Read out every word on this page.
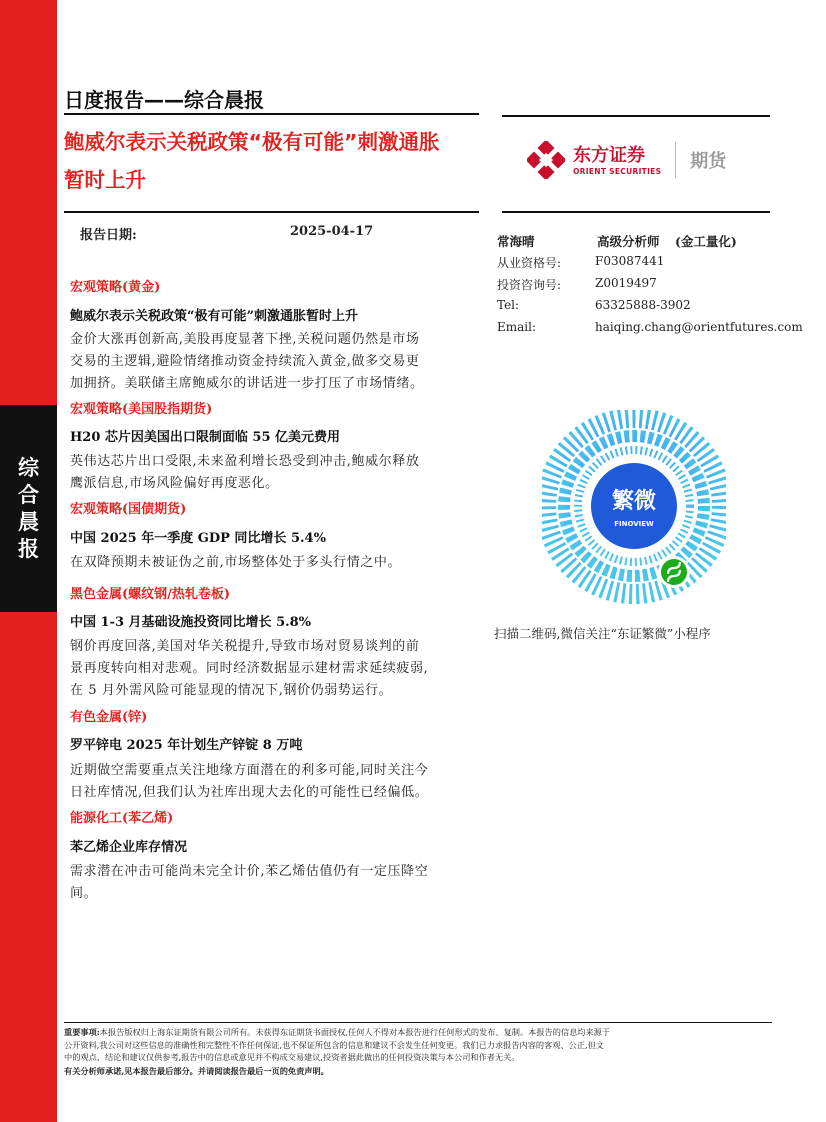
综
合
晨
报
日度报告——综合晨报
鲍威尔表示关税政策“极有可能”刺激通胀
暂时上升
东方证券
ORIENT SECURITIES 期货
报告日期:	2025-04-17
常海晴	高级分析师 (金工量化)
从业资格号:	F03087441
投资咨询号:	Z0019497
Tel:	63325888-3902
Email:	haiqing.chang@orientfutures.com
宏观策略(黄金)
鲍威尔表示关税政策“极有可能”刺激通胀暂时上升
金价大涨再创新高,美股再度显著下挫,关税问题仍然是市场
交易的主逻辑,避险情绪推动资金持续流入黄金,做多交易更
加拥挤。美联储主席鲍威尔的讲话进一步打压了市场情绪。
宏观策略(美国股指期货)
H20 芯片因美国出口限制面临 55 亿美元费用
英伟达芯片出口受限,未来盈利增长恐受到冲击,鲍威尔释放
鹰派信息,市场风险偏好再度恶化。
宏观策略(国债期货)
中国 2025 年一季度 GDP 同比增长 5.4%
在双降预期未被证伪之前,市场整体处于多头行情之中。
黑色金属(螺纹钢/热轧卷板)
中国 1-3 月基础设施投资同比增长 5.8%
钢价再度回落,美国对华关税提升,导致市场对贸易谈判的前
景再度转向相对悲观。同时经济数据显示建材需求延续疲弱,
在 5 月外需风险可能显现的情况下,钢价仍弱势运行。
有色金属(锌)
罗平锌电 2025 年计划生产锌锭 8 万吨
近期做空需要重点关注地缘方面潜在的利多可能,同时关注今
日社库情况,但我们认为社库出现大去化的可能性已经偏低。
能源化工(苯乙烯)
苯乙烯企业库存情况
需求潜在冲击可能尚未完全计价,苯乙烯估值仍有一定压降空
间。
繁微
FINOVIEW
扫描二维码,微信关注“东证繁微”小程序
重要事项:本报告版权归上海东证期货有限公司所有。未获得东证期货书面授权,任何人不得对本报告进行任何形式的发布、复制。本报告的信息均来源于
公开资料,我公司对这些信息的准确性和完整性不作任何保证,也不保证所包含的信息和建议不会发生任何变更。我们已力求报告内容的客观、公正,但文
中的观点、结论和建议仅供参考,报告中的信息或意见并不构成交易建议,投资者据此做出的任何投资决策与本公司和作者无关。
有关分析师承诺,见本报告最后部分。并请阅读报告最后一页的免责声明。
